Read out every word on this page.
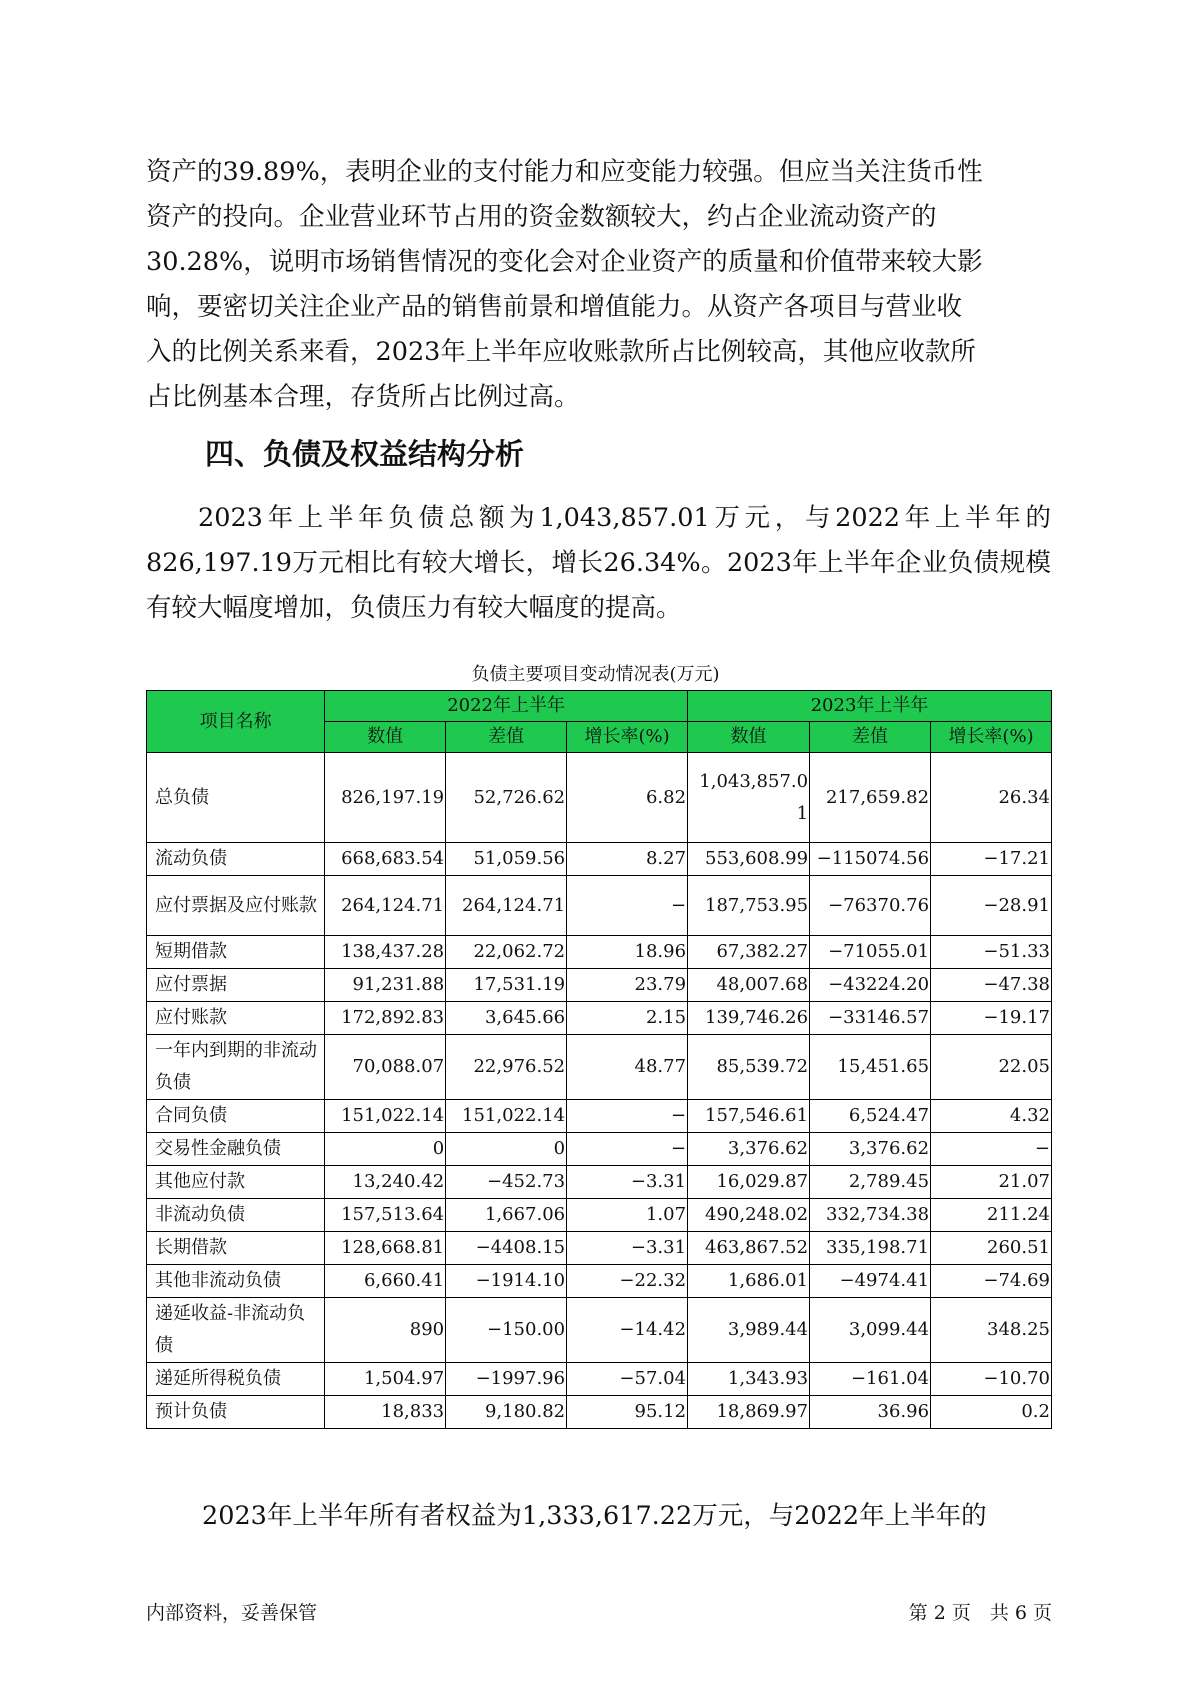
资产的39.89%，表明企业的支付能力和应变能力较强。但应当关注货币性

资产的投向。企业营业环节占用的资金数额较大，约占企业流动资产的

30.28%，说明市场销售情况的变化会对企业资产的质量和价值带来较大影

响，要密切关注企业产品的销售前景和增值能力。从资产各项目与营业收

入的比例关系来看，2023年上半年应收账款所占比例较高，其他应收款所

占比例基本合理，存货所占比例过高。

四、负债及权益结构分析

2023年上半年负债总额为1,043,857.01万元，与2022年上半年的826,197.19万元相比有较大增长，增长26.34%。2023年上半年企业负债规模有较大幅度增加，负债压力有较大幅度的提高。

负债主要项目变动情况表(万元)
项目名称	2022年上半年			2023年上半年		
	数值	差值	增长率(%)	数值	差值	增长率(%)
总负债	826,197.19	52,726.62	6.82	1,043,857.01	217,659.82	26.34
流动负债	668,683.54	51,059.56	8.27	553,608.99	−115074.56	−17.21
应付票据及应付账款	264,124.71	264,124.71	−	187,753.95	−76370.76	−28.91
短期借款	138,437.28	22,062.72	18.96	67,382.27	−71055.01	−51.33
应付票据	91,231.88	17,531.19	23.79	48,007.68	−43224.20	−47.38
应付账款	172,892.83	3,645.66	2.15	139,746.26	−33146.57	−19.17
一年内到期的非流动负债	70,088.07	22,976.52	48.77	85,539.72	15,451.65	22.05
合同负债	151,022.14	151,022.14	−	157,546.61	6,524.47	4.32
交易性金融负债	0	0	−	3,376.62	3,376.62	−
其他应付款	13,240.42	−452.73	−3.31	16,029.87	2,789.45	21.07
非流动负债	157,513.64	1,667.06	1.07	490,248.02	332,734.38	211.24
长期借款	128,668.81	−4408.15	−3.31	463,867.52	335,198.71	260.51
其他非流动负债	6,660.41	−1914.10	−22.32	1,686.01	−4974.41	−74.69
递延收益-非流动负债	890	−150.00	−14.42	3,989.44	3,099.44	348.25
递延所得税负债	1,504.97	−1997.96	−57.04	1,343.93	−161.04	−10.70
预计负债	18,833	9,180.82	95.12	18,869.97	36.96	0.2
2023年上半年所有者权益为1,333,617.22万元，与2022年上半年的
内部资料，妥善保管	第 2 页　共 6 页
